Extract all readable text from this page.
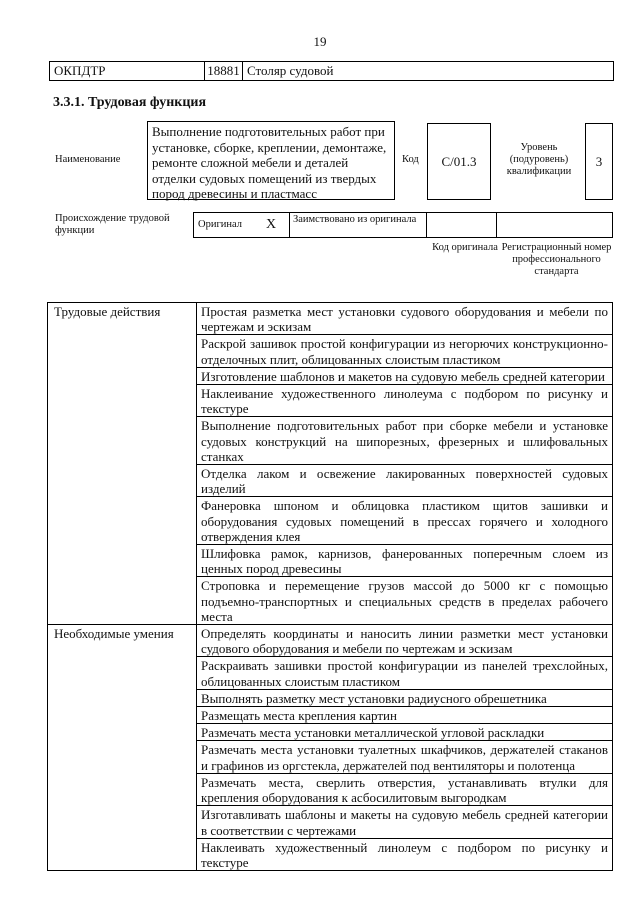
19
ОКПДТР	18881 Столяр судовой
3.3.1. Трудовая функция
Наименование
Выполнение подготовительных работ при установке, сборке, креплении, демонтаже, ремонте сложной мебели и деталей отделки судовых помещений из твердых пород древесины и пластмасс
Код	C/01.3
Уровень (подуровень) квалификации
3
Происхождение трудовой функции
Оригинал X	Заимствовано из оригинала
Код оригинала Регистрационный номер профессионального стандарта
Трудовые действия	Простая разметка мест установки судового оборудования и мебели по чертежам и эскизам
	Раскрой зашивок простой конфигурации из негорючих конструкционно-отделочных плит, облицованных слоистым пластиком
	Изготовление шаблонов и макетов на судовую мебель средней категории
	Наклеивание художественного линолеума с подбором по рисунку и текстуре
	Выполнение подготовительных работ при сборке мебели и установке судовых конструкций на шипорезных, фрезерных и шлифовальных станках
	Отделка лаком и освежение лакированных поверхностей судовых изделий
	Фанеровка шпоном и облицовка пластиком щитов зашивки и оборудования судовых помещений в прессах горячего и холодного отверждения клея
	Шлифовка рамок, карнизов, фанерованных поперечным слоем из ценных пород древесины
	Строповка и перемещение грузов массой до 5000 кг с помощью подъемно-транспортных и специальных средств в пределах рабочего места
Необходимые умения	Определять координаты и наносить линии разметки мест установки судового оборудования и мебели по чертежам и эскизам
	Раскраивать зашивки простой конфигурации из панелей трехслойных, облицованных слоистым пластиком
	Выполнять разметку мест установки радиусного обрешетника
	Размещать места крепления картин
	Размечать места установки металлической угловой раскладки
	Размечать места установки туалетных шкафчиков, держателей стаканов и графинов из оргстекла, держателей под вентиляторы и полотенца
	Размечать места, сверлить отверстия, устанавливать втулки для крепления оборудования к асбосилитовым выгородкам
	Изготавливать шаблоны и макеты на судовую мебель средней категории в соответствии с чертежами
	Наклеивать художественный линолеум с подбором по рисунку и текстуре
